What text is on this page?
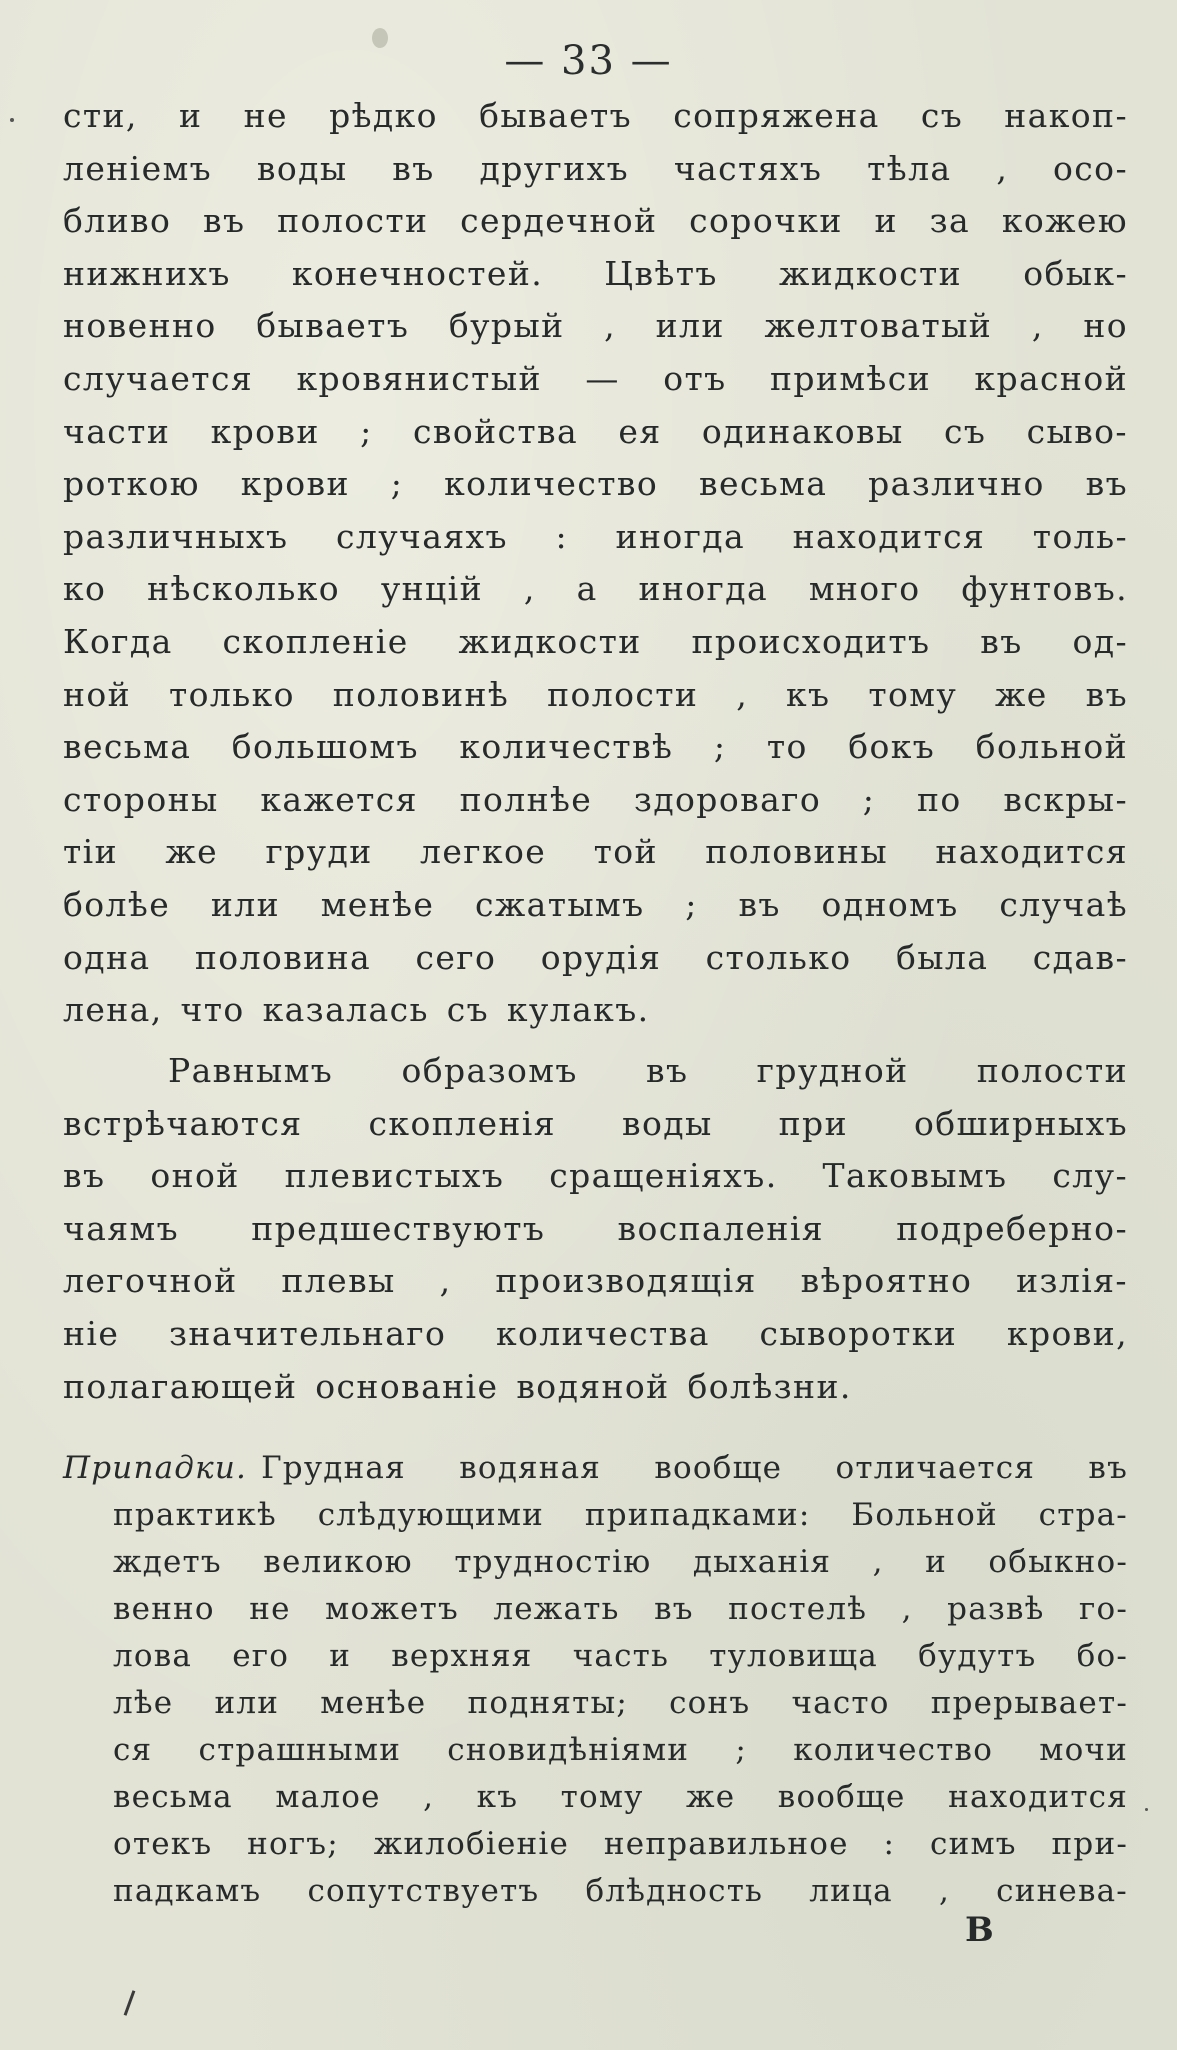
— 33 —
сти, и не рѣдко бываетъ сопряжена съ накоп-
леніемъ воды въ другихъ частяхъ тѣла , осо-
бливо въ полости сердечной сорочки и за кожею
нижнихъ конечностей. Цвѣтъ жидкости обык-
новенно бываетъ бурый , или желтоватый , но
случается кровянистый — отъ примѣси красной
части крови ; свойства ея одинаковы съ сыво-
роткою крови ; количество весьма различно въ
различныхъ случаяхъ : иногда находится толь-
ко нѣсколько унцій , а иногда много фунтовъ.
Когда скопленіе жидкости происходитъ въ од-
ной только половинѣ полости , къ тому же въ
весьма большомъ количествѣ ; то бокъ больной
стороны кажется полнѣе здороваго ; по вскры-
тіи же груди легкое той половины находится
болѣе или менѣе сжатымъ ; въ одномъ случаѣ
одна половина сего орудія столько была сдав-
лена, что казалась съ кулакъ.
Равнымъ образомъ въ грудной полости
встрѣчаются скопленія воды при обширныхъ
въ оной плевистыхъ сращеніяхъ. Таковымъ слу-
чаямъ предшествуютъ воспаленія подреберно-
легочной плевы , производящія вѣроятно излія-
ніе значительнаго количества сыворотки крови,
полагающей основаніе водяной болѣзни.
Припадки. Грудная водяная вообще отличается въ
практикѣ слѣдующими припадками: Больной стра-
ждетъ великою трудностію дыханія , и обыкно-
венно не можетъ лежать въ постелѣ , развѣ го-
лова его и верхняя часть туловища будутъ бо-
лѣе или менѣе подняты; сонъ часто прерывает-
ся страшными сновидѣніями ; количество мочи
весьма малое , къ тому же вообще находится
отекъ ногъ; жилобіеніе неправильное : симъ при-
падкамъ сопутствуетъ блѣдность лица , синева-
В
